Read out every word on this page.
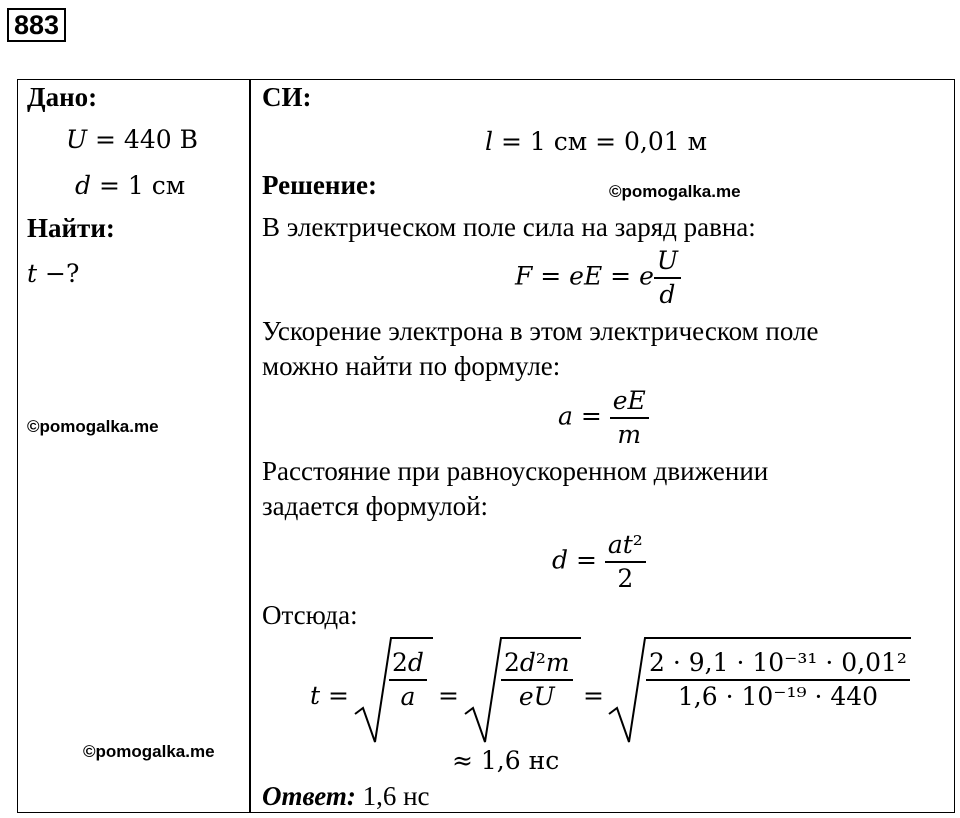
883
Дано:
𝑈 = 440 В
𝑑 = 1 см
Найти:
𝑡 −?
©pomogalka.me
©pomogalka.me
СИ:
𝑙 = 1 см = 0,01 м
Решение:	©pomogalka.me
В электрическом поле сила на заряд равна:
𝐹 = 𝑒𝐸 = 𝑒 $\frac{\text{𝑈}}{\text{𝑑}}$
Ускорение электрона в этом электрическом поле
можно найти по формуле:
𝑎 = $\frac{\text{𝑒𝐸}}{\text{𝑚}}$
Расстояние при равноускоренном движении
задается формулой:
𝑑 = $\frac{\text{𝑎𝑡²}}{2}$
Отсюда:
𝑡 = $\frac{\text{2𝑑}}{\text{𝑎}} = \frac{\text{2𝑑²𝑚}}{\text{𝑒𝑈}} = \frac{\text{2 · 9,1 · 10⁻³¹ · 0,01²}}{\text{1,6 · 10⁻¹⁹ · 440}}$
≈ 1,6 нс
Ответ: 1,6 нс
